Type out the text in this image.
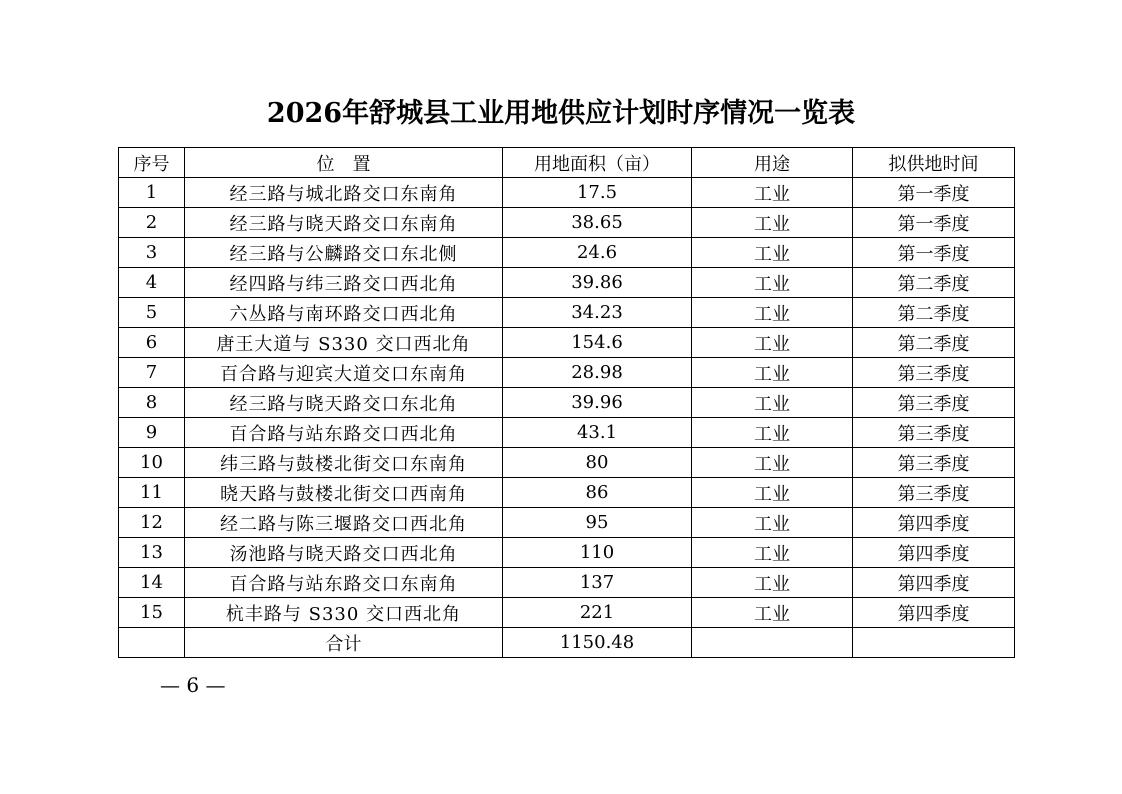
2026年舒城县工业用地供应计划时序情况一览表
序号	位　置	用地面积（亩）	用途	拟供地时间
1	经三路与城北路交口东南角	17.5	工业	第一季度
2	经三路与晓天路交口东南角	38.65	工业	第一季度
3	经三路与公麟路交口东北侧	24.6	工业	第一季度
4	经四路与纬三路交口西北角	39.86	工业	第二季度
5	六丛路与南环路交口西北角	34.23	工业	第二季度
6	唐王大道与 S330 交口西北角	154.6	工业	第二季度
7	百合路与迎宾大道交口东南角	28.98	工业	第三季度
8	经三路与晓天路交口东北角	39.96	工业	第三季度
9	百合路与站东路交口西北角	43.1	工业	第三季度
10	纬三路与鼓楼北街交口东南角	80	工业	第三季度
11	晓天路与鼓楼北街交口西南角	86	工业	第三季度
12	经二路与陈三堰路交口西北角	95	工业	第四季度
13	汤池路与晓天路交口西北角	110	工业	第四季度
14	百合路与站东路交口东南角	137	工业	第四季度
15	杭丰路与 S330 交口西北角	221	工业	第四季度
	合计	1150.48		
— 6 —
